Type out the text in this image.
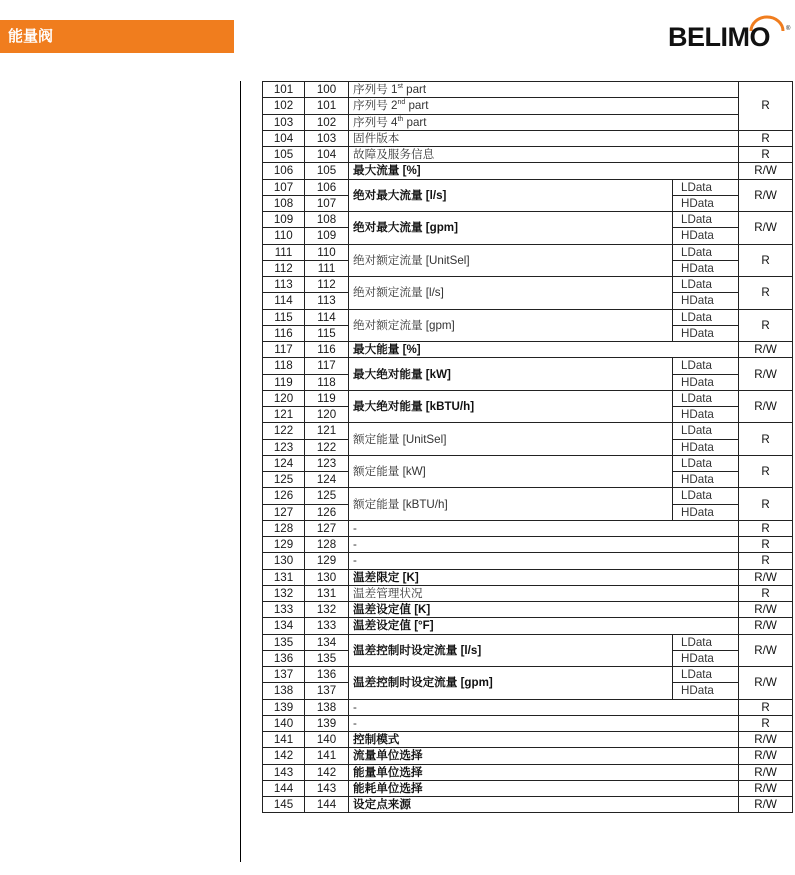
能量阀	BELIMO	®
101	100	序列号 1st part		R
102	101	序列号 2nd part		
103	102	序列号 4th part		
104	103	固件版本		R
105	104	故障及服务信息		R
106	105	最大流量 [%]		R/W
107	106	绝对最大流量 [l/s]	LData	R/W
108	107		HData	
109	108	绝对最大流量 [gpm]	LData	R/W
110	109		HData	
111	110	绝对额定流量 [UnitSel]	LData	R
112	111		HData	
113	112	绝对额定流量 [l/s]	LData	R
114	113		HData	
115	114	绝对额定流量 [gpm]	LData	R
116	115		HData	
117	116	最大能量 [%]		R/W
118	117	最大绝对能量 [kW]	LData	R/W
119	118		HData	
120	119	最大绝对能量 [kBTU/h]	LData	R/W
121	120		HData	
122	121	额定能量 [UnitSel]	LData	R
123	122		HData	
124	123	额定能量 [kW]	LData	R
125	124		HData	
126	125	额定能量 [kBTU/h]	LData	R
127	126		HData	
128	127	-		R
129	128	-		R
130	129	-		R
131	130	温差限定 [K]		R/W
132	131	温差管理状况		R
133	132	温差设定值 [K]		R/W
134	133	温差设定值 [°F]		R/W
135	134	温差控制时设定流量 [l/s]	LData	R/W
136	135		HData	
137	136	温差控制时设定流量 [gpm]	LData	R/W
138	137		HData	
139	138	-		R
140	139	-		R
141	140	控制模式		R/W
142	141	流量单位选择		R/W
143	142	能量单位选择		R/W
144	143	能耗单位选择		R/W
145	144	设定点来源		R/W
